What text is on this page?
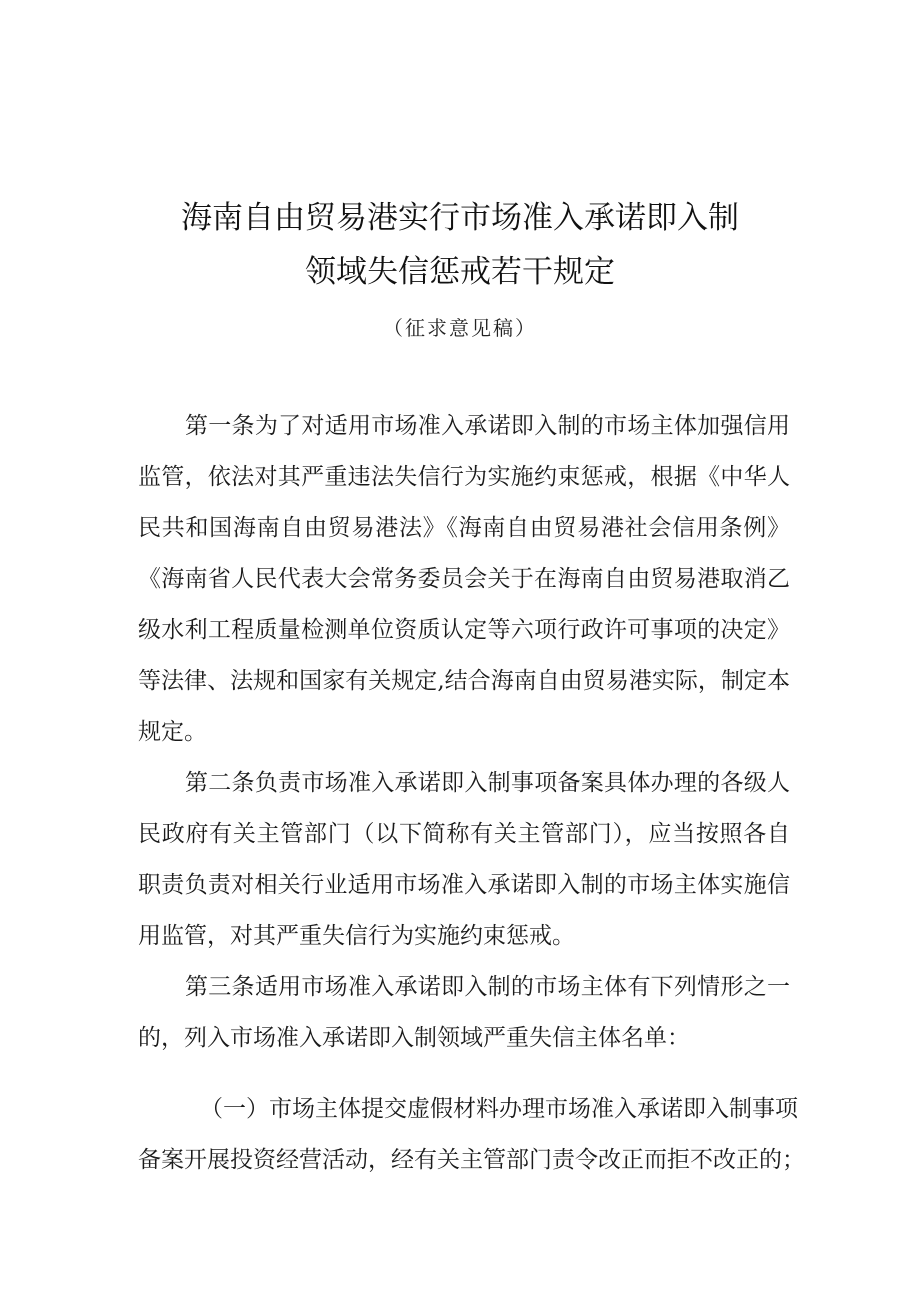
海南自由贸易港实行市场准入承诺即入制
领域失信惩戒若干规定
（征求意见稿）
第一条为了对适用市场准入承诺即入制的市场主体加强信用
监管，依法对其严重违法失信行为实施约束惩戒，根据《中华人
民共和国海南自由贸易港法》《海南自由贸易港社会信用条例》
《海南省人民代表大会常务委员会关于在海南自由贸易港取消乙
级水利工程质量检测单位资质认定等六项行政许可事项的决定》
等法律、法规和国家有关规定,结合海南自由贸易港实际，制定本
规定。
第二条负责市场准入承诺即入制事项备案具体办理的各级人
民政府有关主管部门（以下简称有关主管部门），应当按照各自
职责负责对相关行业适用市场准入承诺即入制的市场主体实施信
用监管，对其严重失信行为实施约束惩戒。
第三条适用市场准入承诺即入制的市场主体有下列情形之一
的，列入市场准入承诺即入制领域严重失信主体名单：
（一）市场主体提交虚假材料办理市场准入承诺即入制事项
备案开展投资经营活动，经有关主管部门责令改正而拒不改正的；
